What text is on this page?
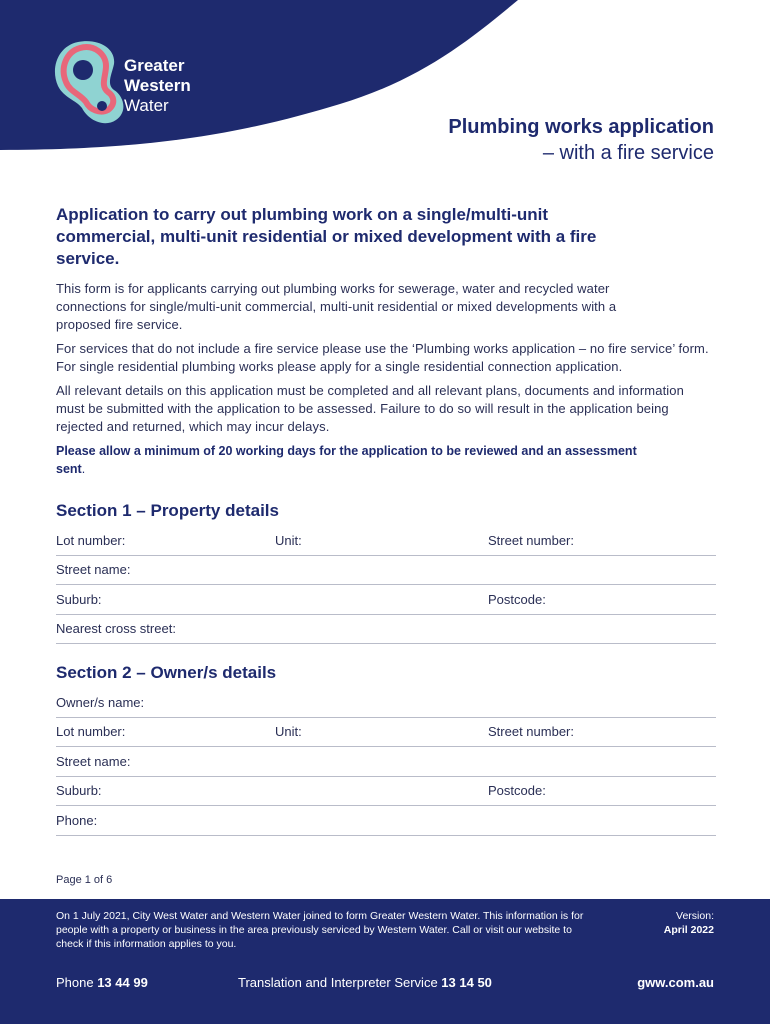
Greater
Western
Water
Plumbing works application
– with a fire service
Application to carry out plumbing work on a single/multi-unit commercial, multi-unit residential or mixed development with a fire service.

This form is for applicants carrying out plumbing works for sewerage, water and recycled water connections for single/multi-unit commercial, multi-unit residential or mixed developments with a proposed fire service.

For services that do not include a fire service please use the ‘Plumbing works application – no fire service’ form. For single residential plumbing works please apply for a single residential connection application.

All relevant details on this application must be completed and all relevant plans, documents and information must be submitted with the application to be assessed. Failure to do so will result in the application being rejected and returned, which may incur delays.

Please allow a minimum of 20 working days for the application to be reviewed and an assessment sent.

Section 1 – Property details
Lot number:	Unit:	Street number:
Street name:
Suburb:	Postcode:
Nearest cross street:
Section 2 – Owner/s details
Owner/s name:
Lot number:	Unit:	Street number:
Street name:
Suburb:	Postcode:
Phone:
Page 1 of 6
On 1 July 2021, City West Water and Western Water joined to form Greater Western Water. This information is for people with a property or business in the area previously serviced by Western Water. Call or visit our website to check if this information applies to you.
Version:
April 2022
Phone 13 44 99	Translation and Interpreter Service 13 14 50	gww.com.au
